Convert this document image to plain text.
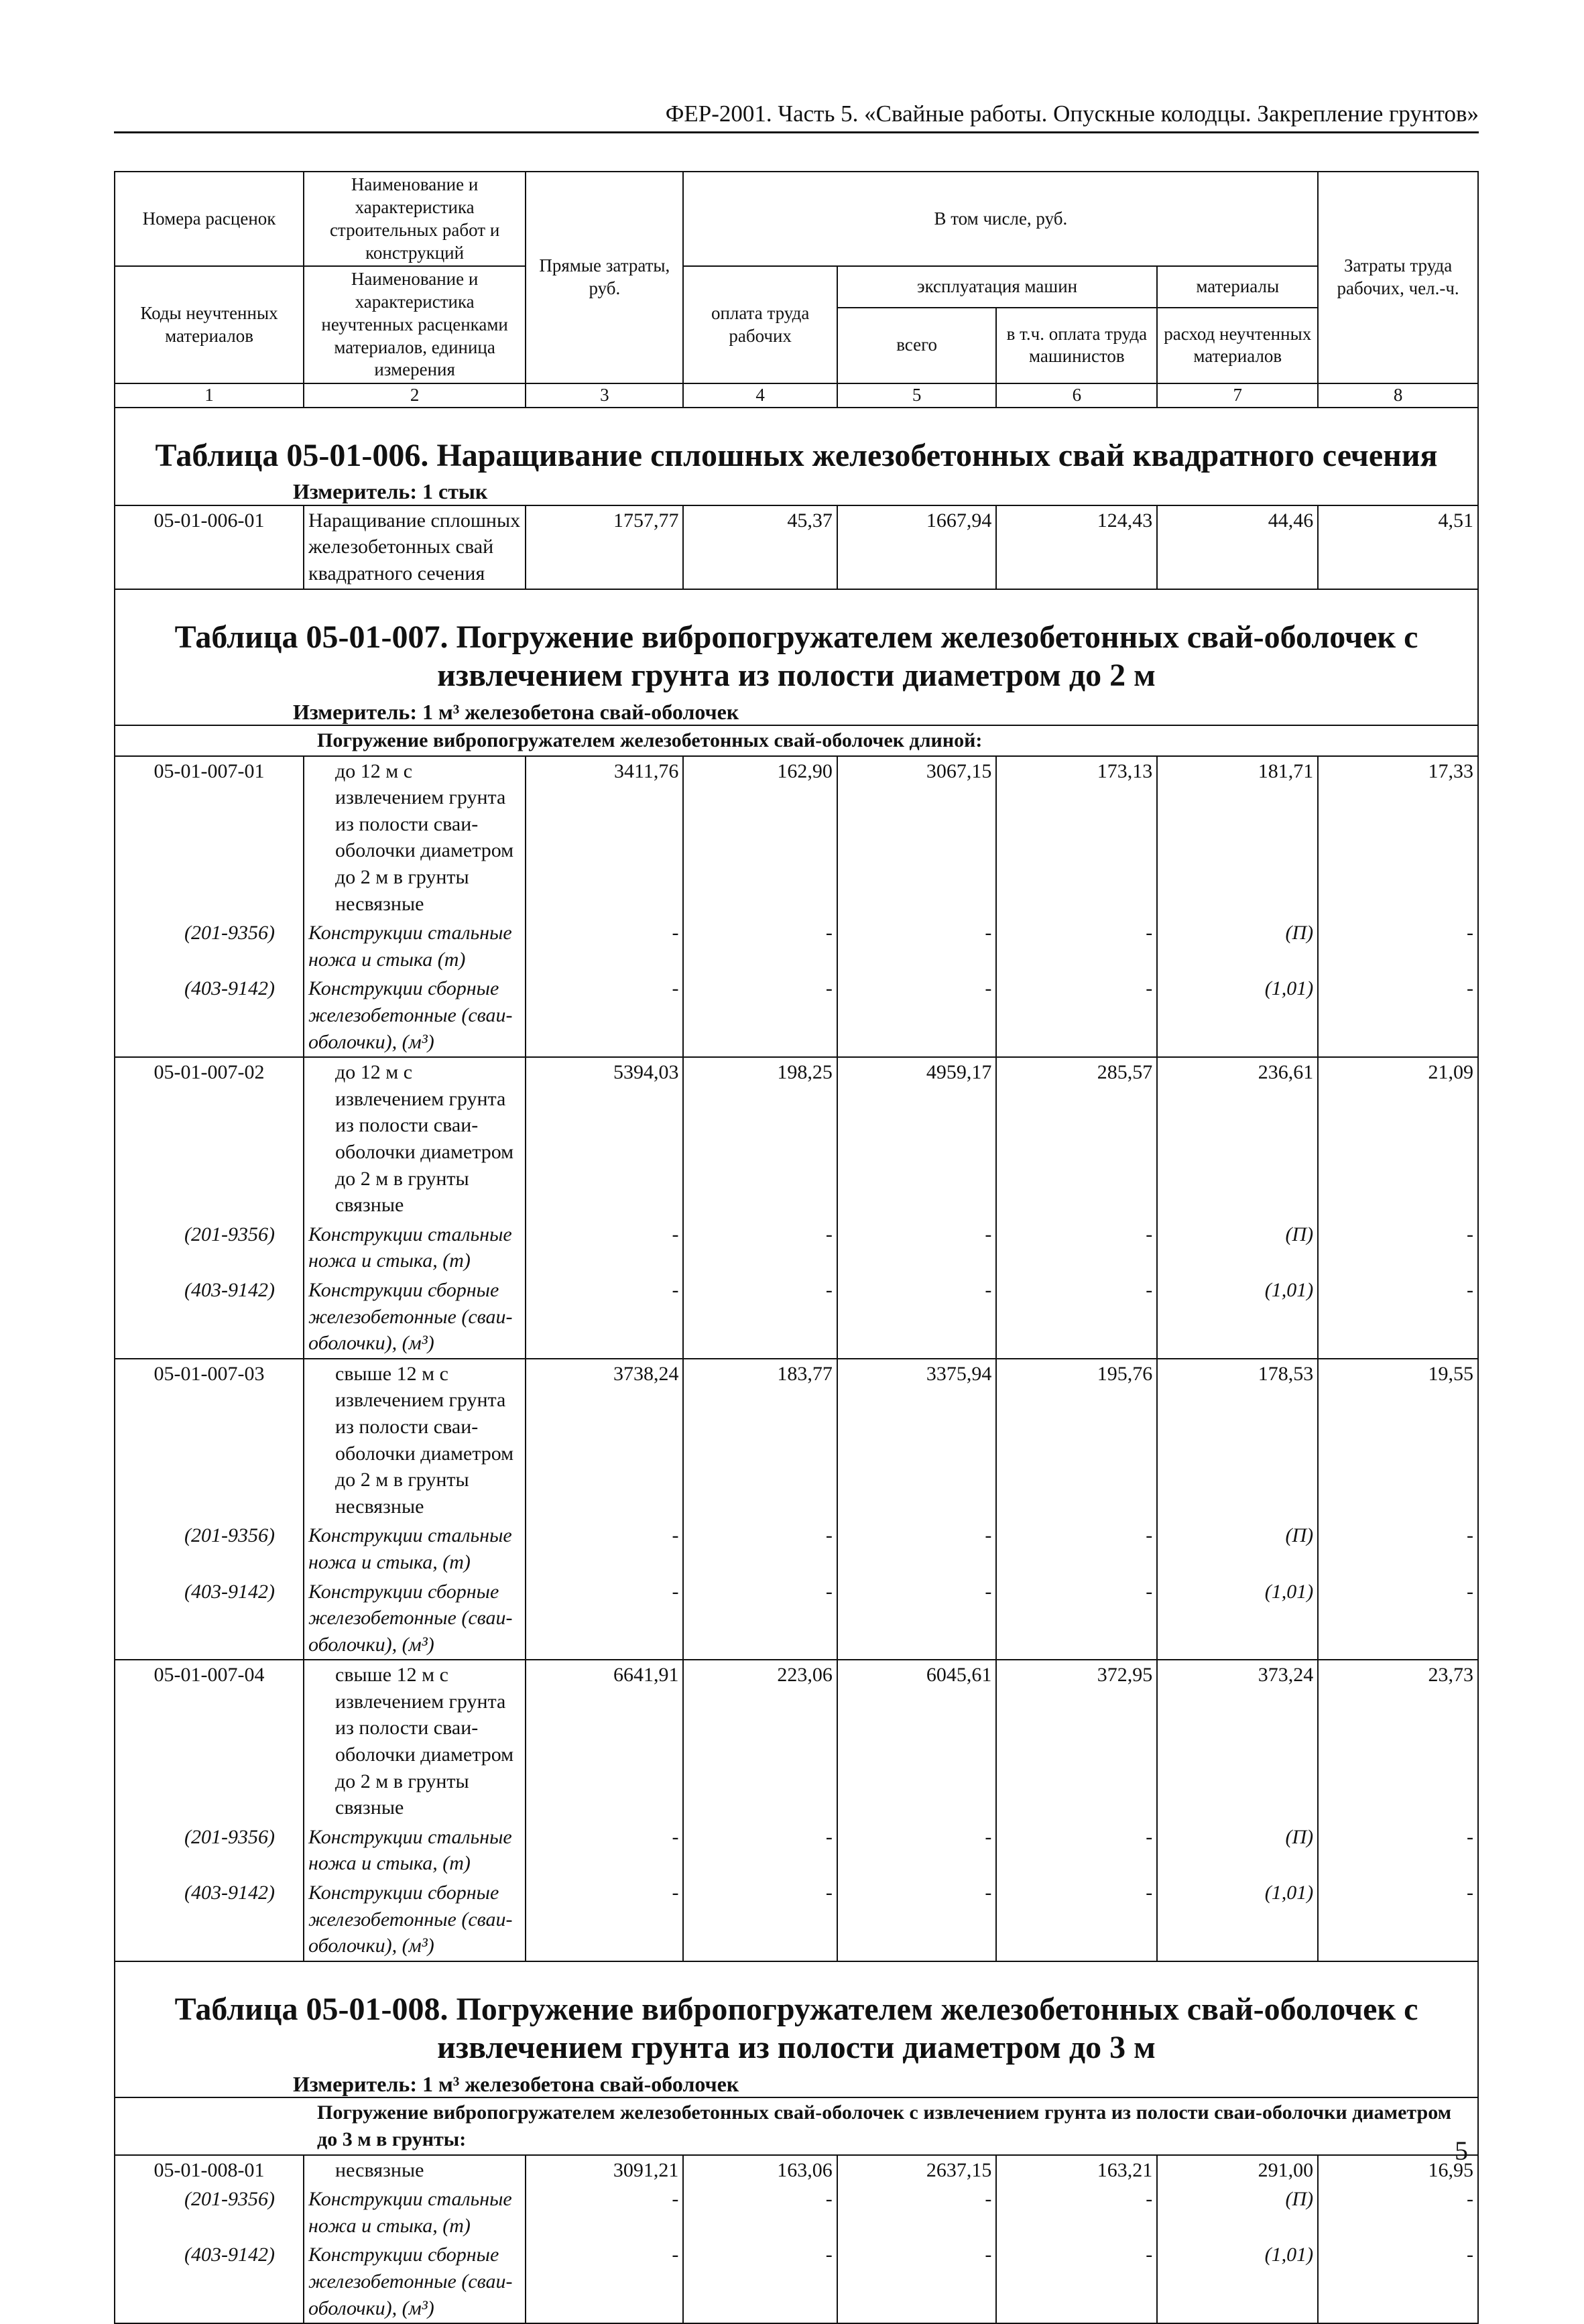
ФЕР-2001. Часть 5. «Свайные работы. Опускные колодцы. Закрепление грунтов»
Номера расценок	Наименование и характеристика строительных работ и конструкций	Прямые затраты, руб.	В том числе, руб.				Затраты труда рабочих, чел.-ч.
Коды неучтенных материалов	Наименование и характеристика неучтенных расценками материалов, единица измерения		оплата труда рабочих	эксплуатация машин		материалы	
				всего	в т.ч. оплата труда машинистов	расход неучтенных материалов	
1	2	3	4	5	6	7	8
Таблица 05-01-006. Наращивание сплошных железобетонных свай квадратного сечения
Измеритель: 1 стык
05-01-006-01	Наращивание сплошных железобетонных свай квадратного сечения	1757,77	45,37	1667,94	124,43	44,46	4,51
Таблица 05-01-007. Погружение вибропогружателем железобетонных свай-оболочек с
извлечением грунта из полости диаметром до 2 м
Измеритель: 1 м³ железобетона свай-оболочек
	Погружение вибропогружателем железобетонных свай-оболочек длиной:						
05-01-007-01	до 12 м с извлечением грунта из полости сваи-оболочки диаметром до 2 м в грунты несвязные	3411,76	162,90	3067,15	173,13	181,71	17,33
(201-9356)	Конструкции стальные ножа и стыка (т)	-	-	-	-	(П)	-
(403-9142)	Конструкции сборные железобетонные (сваи-оболочки), (м³)	-	-	-	-	(1,01)	-
05-01-007-02	до 12 м с извлечением грунта из полости сваи-оболочки диаметром до 2 м в грунты связные	5394,03	198,25	4959,17	285,57	236,61	21,09
(201-9356)	Конструкции стальные ножа и стыка, (т)	-	-	-	-	(П)	-
(403-9142)	Конструкции сборные железобетонные (сваи-оболочки), (м³)	-	-	-	-	(1,01)	-
05-01-007-03	свыше 12 м с извлечением грунта из полости сваи-оболочки диаметром до 2 м в грунты несвязные	3738,24	183,77	3375,94	195,76	178,53	19,55
(201-9356)	Конструкции стальные ножа и стыка, (т)	-	-	-	-	(П)	-
(403-9142)	Конструкции сборные железобетонные (сваи-оболочки), (м³)	-	-	-	-	(1,01)	-
05-01-007-04	свыше 12 м с извлечением грунта из полости сваи-оболочки диаметром до 2 м в грунты связные	6641,91	223,06	6045,61	372,95	373,24	23,73
(201-9356)	Конструкции стальные ножа и стыка, (т)	-	-	-	-	(П)	-
(403-9142)	Конструкции сборные железобетонные (сваи-оболочки), (м³)	-	-	-	-	(1,01)	-
Таблица 05-01-008. Погружение вибропогружателем железобетонных свай-оболочек с
извлечением грунта из полости диаметром до 3 м
Измеритель: 1 м³ железобетона свай-оболочек
	Погружение вибропогружателем железобетонных свай-оболочек с извлечением грунта из полости сваи-оболочки диаметром до 3 м в грунты:						
05-01-008-01	несвязные	3091,21	163,06	2637,15	163,21	291,00	16,95
(201-9356)	Конструкции стальные ножа и стыка, (т)	-	-	-	-	(П)	-
(403-9142)	Конструкции сборные железобетонные (сваи-оболочки), (м³)	-	-	-	-	(1,01)	-
5
